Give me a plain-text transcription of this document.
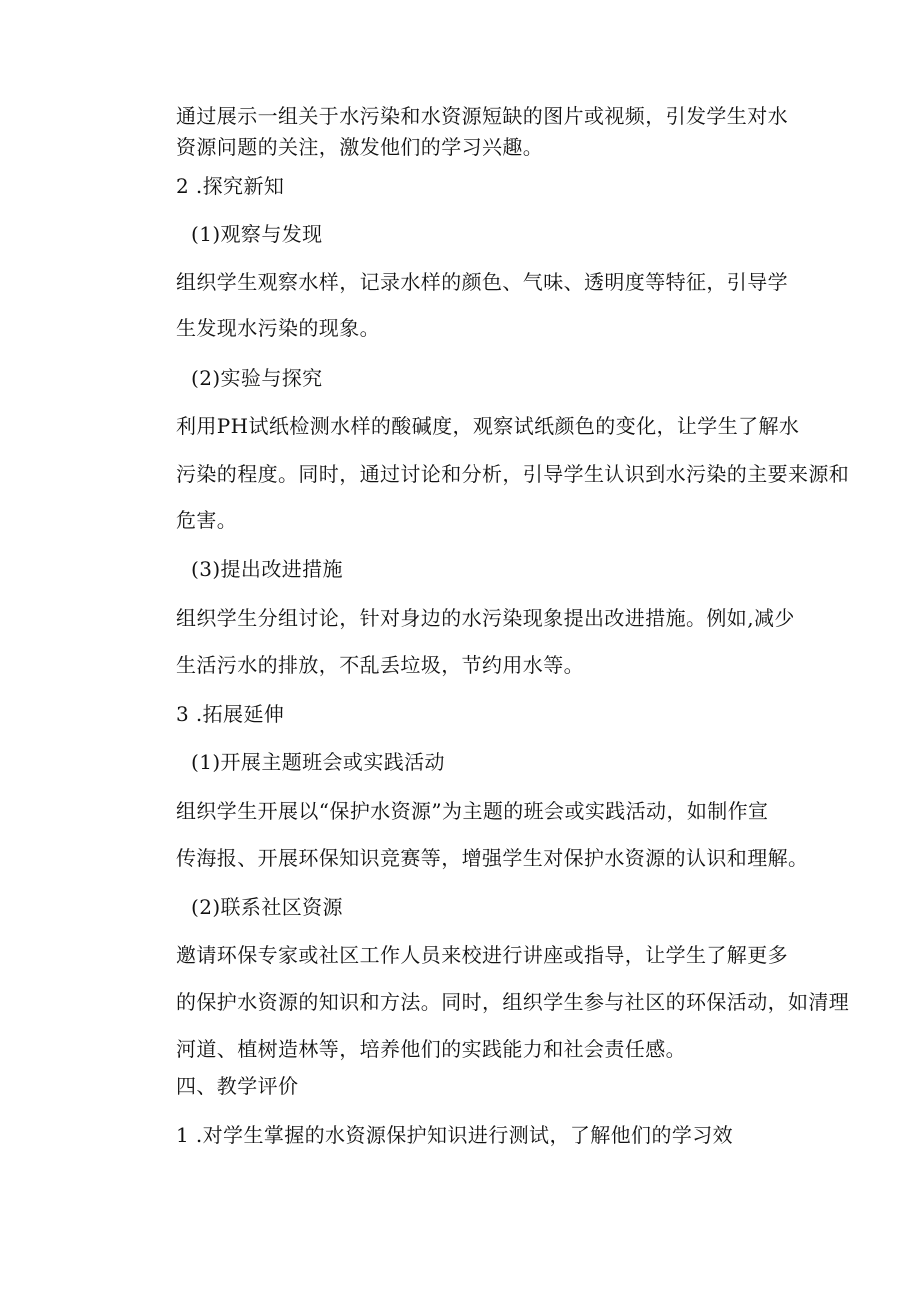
通过展示一组关于水污染和水资源短缺的图片或视频，引发学生对水

资源问题的关注，激发他们的学习兴趣。

2 .探究新知

(1)观察与发现

组织学生观察水样，记录水样的颜色、气味、透明度等特征，引导学

生发现水污染的现象。

(2)实验与探究

利用PH试纸检测水样的酸碱度，观察试纸颜色的变化，让学生了解水

污染的程度。同时，通过讨论和分析，引导学生认识到水污染的主要来源和

危害。

(3)提出改进措施

组织学生分组讨论，针对身边的水污染现象提出改进措施。例如,减少

生活污水的排放，不乱丢垃圾，节约用水等。

3 .拓展延伸

(1)开展主题班会或实践活动

组织学生开展以“保护水资源”为主题的班会或实践活动，如制作宣

传海报、开展环保知识竞赛等，增强学生对保护水资源的认识和理解。

(2)联系社区资源

邀请环保专家或社区工作人员来校进行讲座或指导，让学生了解更多

的保护水资源的知识和方法。同时，组织学生参与社区的环保活动，如清理

河道、植树造林等，培养他们的实践能力和社会责任感。

四、教学评价

1 .对学生掌握的水资源保护知识进行测试，了解他们的学习效
